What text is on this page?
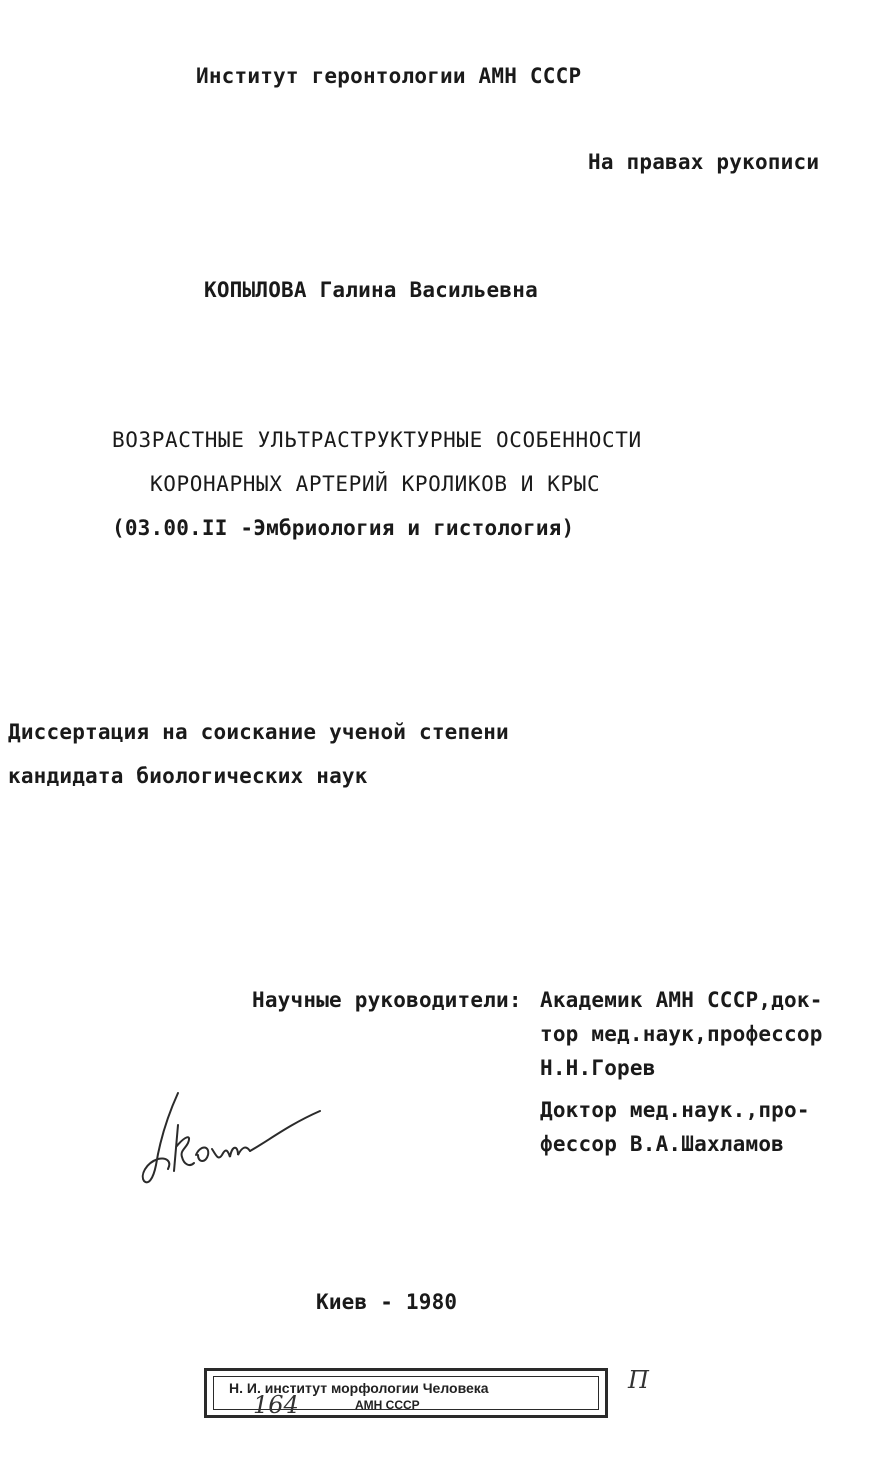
Институт геронтологии АМН СССР
На правах рукописи
КОПЫЛОВА Галина Васильевна
ВОЗРАСТНЫЕ УЛЬТРАСТРУКТУРНЫЕ ОСОБЕННОСТИ
КОРОНАРНЫХ АРТЕРИЙ КРОЛИКОВ И КРЫС
(03.00.II -Эмбриология и гистология)
Диссертация на соискание ученой степени
кандидата биологических наук
Научные руководители: Академик АМН СССР,док-
тор мед.наук,профессор
Н.Н.Горев
Доктор мед.наук.,про-
фессор В.А.Шахламов
Киев - 1980
Н. И. институт морфологии Человека
164	АМН СССР
П
